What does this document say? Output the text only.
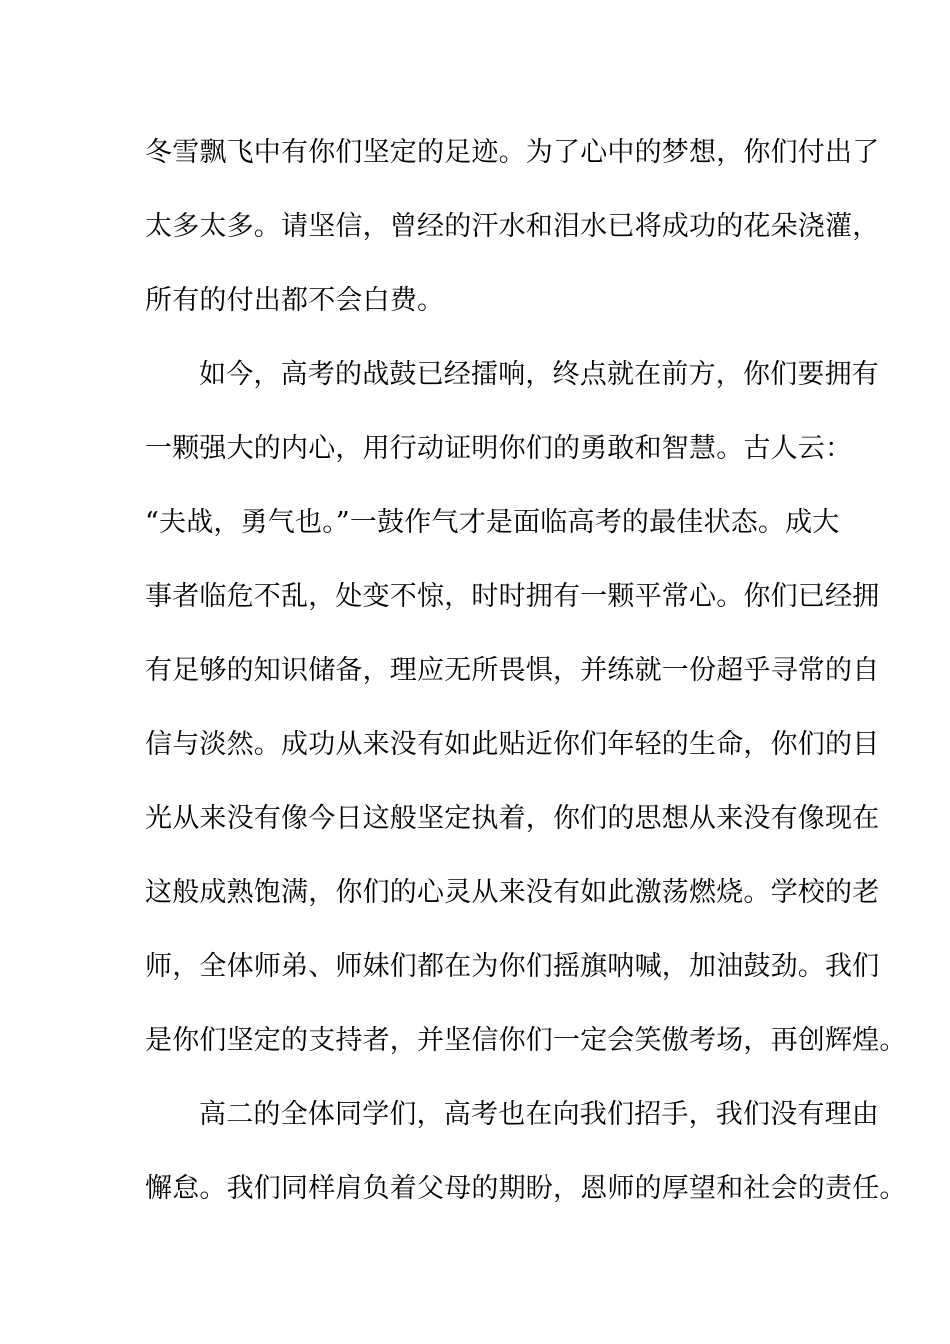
冬雪飘飞中有你们坚定的足迹。为了心中的梦想，你们付出了
太多太多。请坚信，曾经的汗水和泪水已将成功的花朵浇灌，
所有的付出都不会白费。
如今，高考的战鼓已经擂响，终点就在前方，你们要拥有
一颗强大的内心，用行动证明你们的勇敢和智慧。古人云：
“夫战，勇气也。”一鼓作气才是面临高考的最佳状态。成大
事者临危不乱，处变不惊，时时拥有一颗平常心。你们已经拥
有足够的知识储备，理应无所畏惧，并练就一份超乎寻常的自
信与淡然。成功从来没有如此贴近你们年轻的生命，你们的目
光从来没有像今日这般坚定执着，你们的思想从来没有像现在
这般成熟饱满，你们的心灵从来没有如此激荡燃烧。学校的老
师，全体师弟、师妹们都在为你们摇旗呐喊，加油鼓劲。我们
是你们坚定的支持者，并坚信你们一定会笑傲考场，再创辉煌。
高二的全体同学们，高考也在向我们招手，我们没有理由
懈怠。我们同样肩负着父母的期盼，恩师的厚望和社会的责任。
